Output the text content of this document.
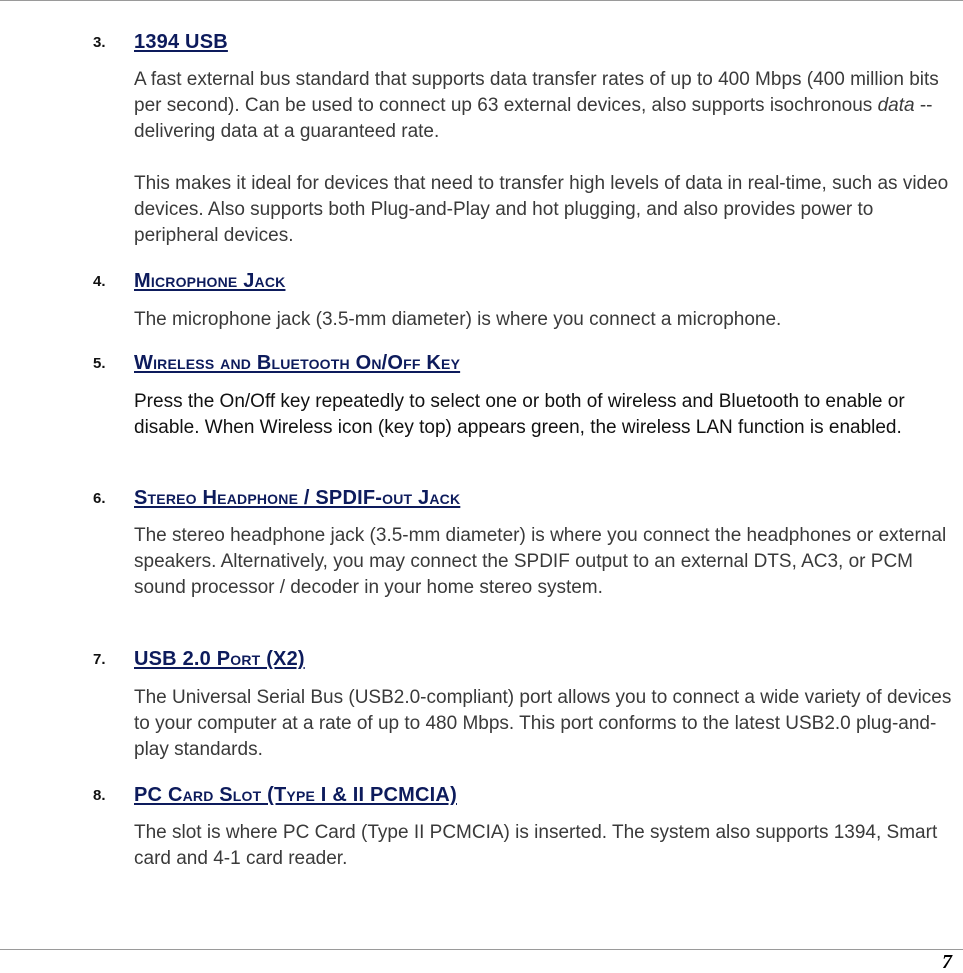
3. 1394 USB

A fast external bus standard that supports data transfer rates of up to 400 Mbps (400 million bits per second). Can be used to connect up 63 external devices, also supports isochronous data -- delivering data at a guaranteed rate.

This makes it ideal for devices that need to transfer high levels of data in real-time, such as video devices. Also supports both Plug-and-Play and hot plugging, and also provides power to peripheral devices.

4. Microphone Jack

The microphone jack (3.5-mm diameter) is where you connect a microphone.

5. Wireless and Bluetooth On/Off Key

Press the On/Off key repeatedly to select one or both of wireless and Bluetooth to enable or disable. When Wireless icon (key top) appears green, the wireless LAN function is enabled.

6. Stereo Headphone / SPDIF-out Jack

The stereo headphone jack (3.5-mm diameter) is where you connect the headphones or external speakers. Alternatively, you may connect the SPDIF output to an external DTS, AC3, or PCM sound processor / decoder in your home stereo system.

7. USB 2.0 Port (X2)

The Universal Serial Bus (USB2.0-compliant) port allows you to connect a wide variety of devices to your computer at a rate of up to 480 Mbps. This port conforms to the latest USB2.0 plug-and-play standards.

8. PC Card Slot (Type I & II PCMCIA)

The slot is where PC Card (Type II PCMCIA) is inserted. The system also supports 1394, Smart card and 4-1 card reader.

7
